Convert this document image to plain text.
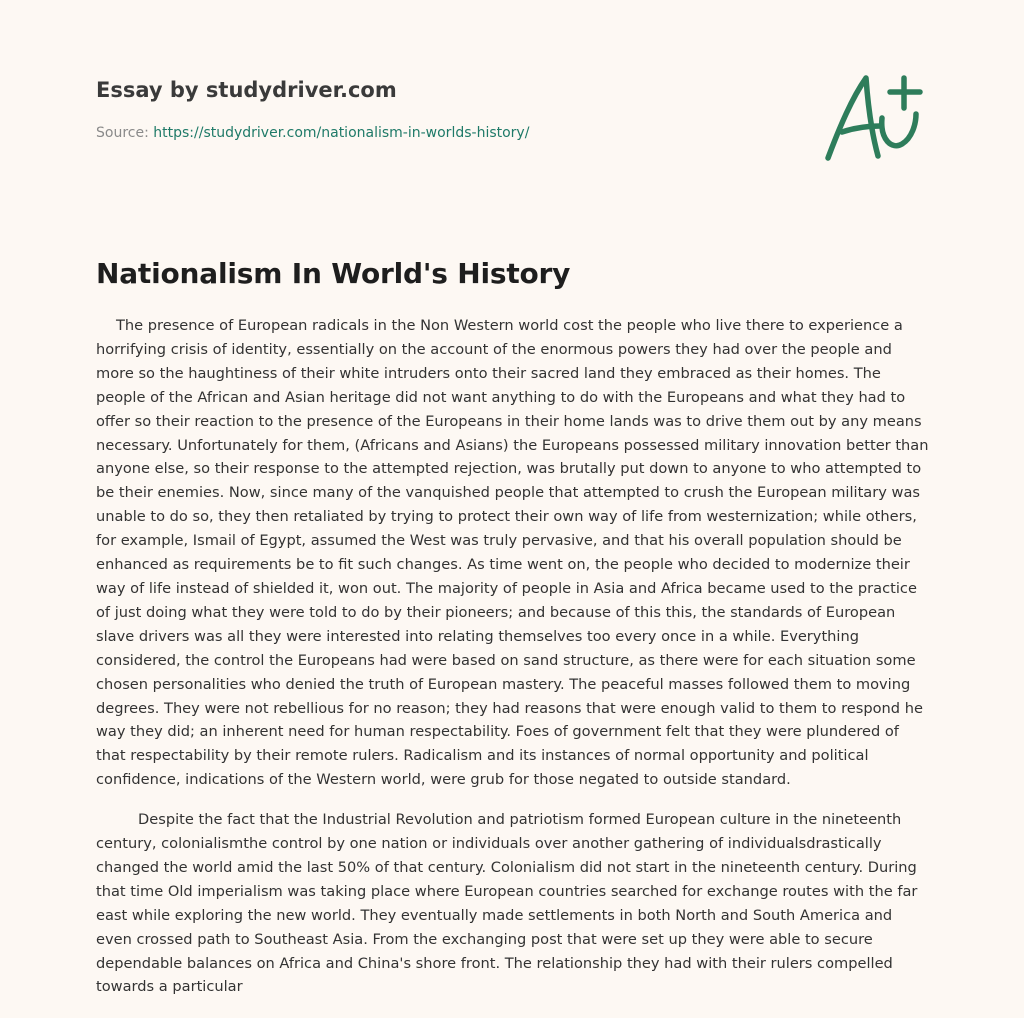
Essay by studydriver.com
Source: https://studydriver.com/nationalism-in-worlds-history/
Nationalism In World's History

The presence of European radicals in the Non Western world cost the people who live there to experience a horrifying crisis of identity, essentially on the account of the enormous powers they had over the people and more so the haughtiness of their white intruders onto their sacred land they embraced as their homes. The people of the African and Asian heritage did not want anything to do with the Europeans and what they had to offer so their reaction to the presence of the Europeans in their home lands was to drive them out by any means necessary. Unfortunately for them, (Africans and Asians) the Europeans possessed military innovation better than anyone else, so their response to the attempted rejection, was brutally put down to anyone to who attempted to be their enemies. Now, since many of the vanquished people that attempted to crush the European military was unable to do so, they then retaliated by trying to protect their own way of life from westernization; while others, for example, Ismail of Egypt, assumed the West was truly pervasive, and that his overall population should be enhanced as requirements be to fit such changes. As time went on, the people who decided to modernize their way of life instead of shielded it, won out. The majority of people in Asia and Africa became used to the practice of just doing what they were told to do by their pioneers; and because of this this, the standards of European slave drivers was all they were interested into relating themselves too every once in a while. Everything considered, the control the Europeans had were based on sand structure, as there were for each situation some chosen personalities who denied the truth of European mastery. The peaceful masses followed them to moving degrees. They were not rebellious for no reason; they had reasons that were enough valid to them to respond he way they did; an inherent need for human respectability. Foes of government felt that they were plundered of that respectability by their remote rulers. Radicalism and its instances of normal opportunity and political confidence, indications of the Western world, were grub for those negated to outside standard.

Despite the fact that the Industrial Revolution and patriotism formed European culture in the nineteenth century, colonialismthe control by one nation or individuals over another gathering of individualsdrastically changed the world amid the last 50% of that century. Colonialism did not start in the nineteenth century. During that time Old imperialism was taking place where European countries searched for exchange routes with the far east while exploring the new world. They eventually made settlements in both North and South America and even crossed path to Southeast Asia. From the exchanging post that were set up they were able to secure dependable balances on Africa and China's shore front. The relationship they had with their rulers compelled towards a particular
